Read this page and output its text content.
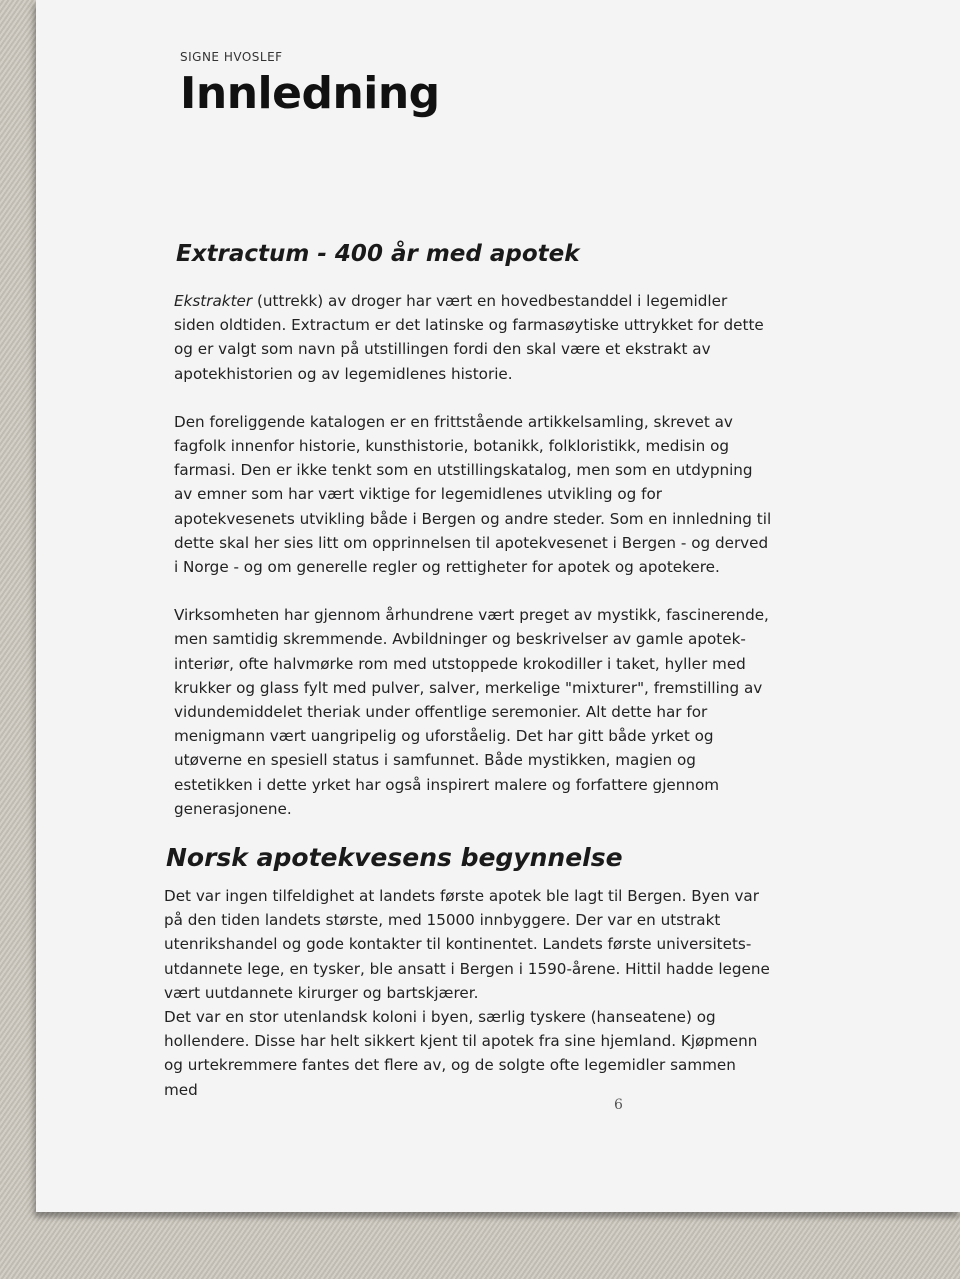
SIGNE HVOSLEF
Innledning
Extractum - 400 år med apotek

Ekstrakter (uttrekk) av droger har vært en hovedbestanddel i legemidler siden oldtiden. Extractum er det latinske og farmasøytiske uttrykket for dette og er valgt som navn på utstillingen fordi den skal være et ekstrakt av apotekhistorien og av legemidlenes historie.

Den foreliggende katalogen er en frittstående artikkelsamling, skrevet av fagfolk innenfor historie, kunsthistorie, botanikk, folkloristikk, medisin og farmasi. Den er ikke tenkt som en utstillingskatalog, men som en utdypning av emner som har vært viktige for legemidlenes utvikling og for apotekvesenets utvikling både i Bergen og andre steder. Som en innledning til dette skal her sies litt om opprinnelsen til apotekvesenet i Bergen - og derved i Norge - og om generelle regler og rettigheter for apotek og apotekere.

Virksomheten har gjennom århundrene vært preget av mystikk, fascinerende, men samtidig skremmende. Avbildninger og beskrivelser av gamle apotek-interiør, ofte halvmørke rom med utstoppede krokodiller i taket, hyller med krukker og glass fylt med pulver, salver, merkelige "mixturer", fremstilling av vidundemiddelet theriak under offentlige seremonier. Alt dette har for menigmann vært uangripelig og uforståelig. Det har gitt både yrket og utøverne en spesiell status i samfunnet. Både mystikken, magien og estetikken i dette yrket har også inspirert malere og forfattere gjennom generasjonene.

Norsk apotekvesens begynnelse

Det var ingen tilfeldighet at landets første apotek ble lagt til Bergen. Byen var på den tiden landets største, med 15000 innbyggere. Der var en utstrakt utenrikshandel og gode kontakter til kontinentet. Landets første universitets-utdannete lege, en tysker, ble ansatt i Bergen i 1590-årene. Hittil hadde legene vært uutdannete kirurger og bartskjærer.

Det var en stor utenlandsk koloni i byen, særlig tyskere (hanseatene) og hollendere. Disse har helt sikkert kjent til apotek fra sine hjemland. Kjøpmenn og urtekremmere fantes det flere av, og de solgte ofte legemidler sammen med

6
